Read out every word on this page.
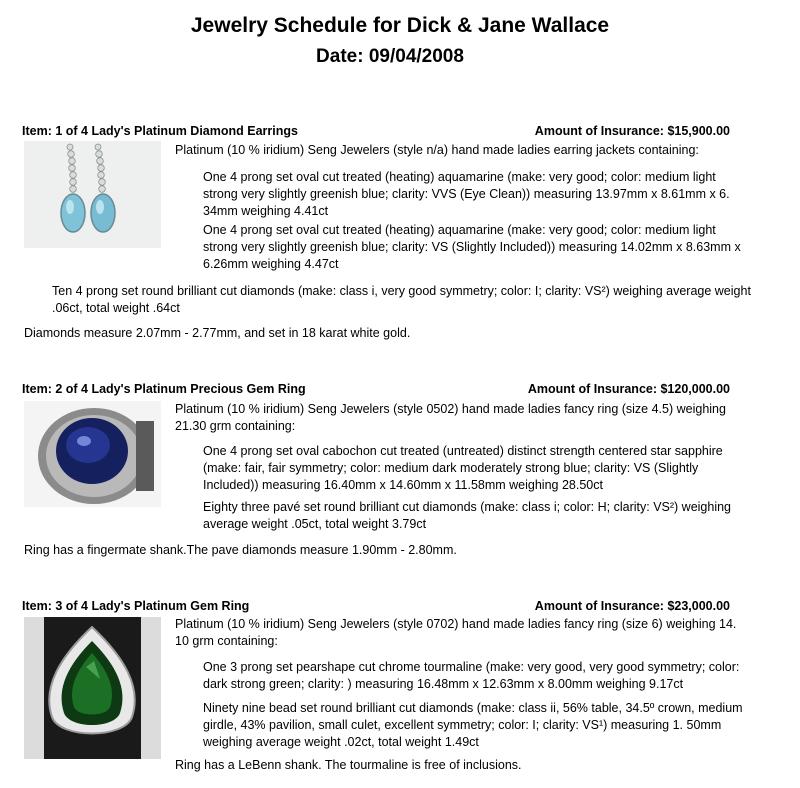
Jewelry Schedule for Dick & Jane Wallace
Date: 09/04/2008
Item: 1 of 4 Lady's Platinum Diamond Earrings	Amount of Insurance: $15,900.00
Platinum (10 % iridium) Seng Jewelers (style n/a) hand made ladies earring jackets containing:
One 4 prong set oval cut treated (heating) aquamarine (make: very good; color: medium light strong very slightly greenish blue; clarity: VVS (Eye Clean)) measuring 13.97mm x 8.61mm x 6. 34mm weighing 4.41ct
One 4 prong set oval cut treated (heating) aquamarine (make: very good; color: medium light strong very slightly greenish blue; clarity: VS (Slightly Included)) measuring 14.02mm x 8.63mm x 6.26mm weighing 4.47ct
Ten 4 prong set round brilliant cut diamonds (make: class i, very good symmetry; color: I; clarity: VS²) weighing average weight .06ct, total weight .64ct
Diamonds measure 2.07mm - 2.77mm, and set in 18 karat white gold.
Item: 2 of 4 Lady's Platinum Precious Gem Ring	Amount of Insurance: $120,000.00
Platinum (10 % iridium) Seng Jewelers (style 0502) hand made ladies fancy ring (size 4.5) weighing 21.30 grm containing:
One 4 prong set oval cabochon cut treated (untreated) distinct strength centered star sapphire (make: fair, fair symmetry; color: medium dark moderately strong blue; clarity: VS (Slightly Included)) measuring 16.40mm x 14.60mm x 11.58mm weighing 28.50ct
Eighty three pavé set round brilliant cut diamonds (make: class i; color: H; clarity: VS²) weighing average weight .05ct, total weight 3.79ct
Ring has a fingermate shank.The pave diamonds measure 1.90mm - 2.80mm.
Item: 3 of 4 Lady's Platinum Gem Ring	Amount of Insurance: $23,000.00
Platinum (10 % iridium) Seng Jewelers (style 0702) hand made ladies fancy ring (size 6) weighing 14. 10 grm containing:
One 3 prong set pearshape cut chrome tourmaline (make: very good, very good symmetry; color: dark strong green; clarity: ) measuring 16.48mm x 12.63mm x 8.00mm weighing 9.17ct
Ninety nine bead set round brilliant cut diamonds (make: class ii, 56% table, 34.5º crown, medium girdle, 43% pavilion, small culet, excellent symmetry; color: I; clarity: VS¹) measuring 1. 50mm weighing average weight .02ct, total weight 1.49ct
Ring has a LeBenn shank. The tourmaline is free of inclusions.
